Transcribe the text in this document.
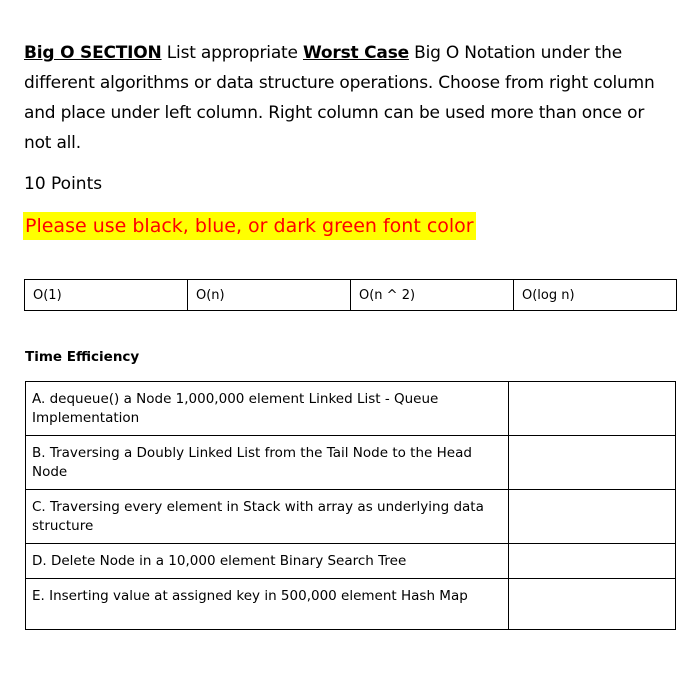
Big O SECTION List appropriate Worst Case Big O Notation under the different algorithms or data structure operations. Choose from right column and place under left column. Right column can be used more than once or not all.
10 Points
Please use black, blue, or dark green font color
O(1)	O(n)	O(n ^ 2)	O(log n)
Time Efficiency
A. dequeue() a Node 1,000,000 element Linked List - Queue Implementation	
B. Traversing a Doubly Linked List from the Tail Node to the Head Node	
C. Traversing every element in Stack with array as underlying data structure	
D. Delete Node in a 10,000 element Binary Search Tree	
E. Inserting value at assigned key in 500,000 element Hash Map	
